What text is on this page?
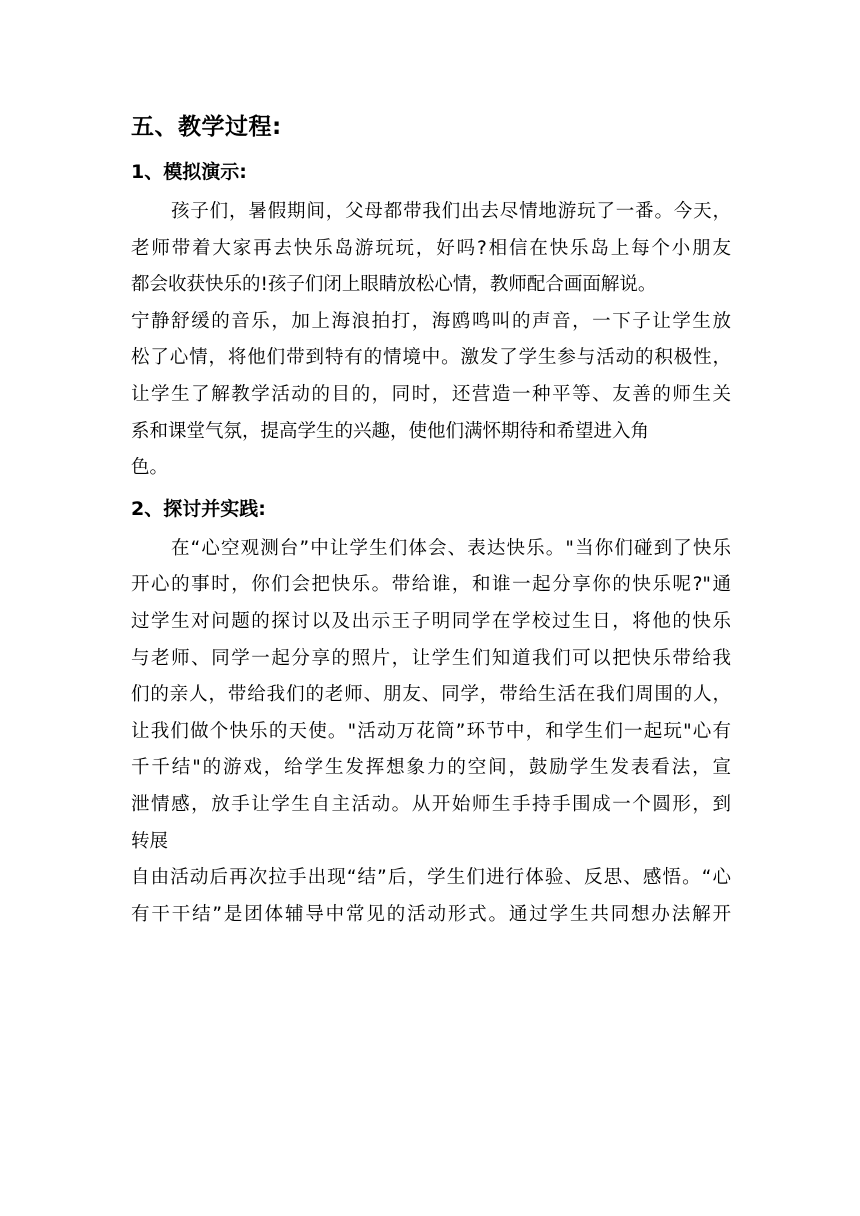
五、教学过程:
1、模拟演示:
孩子们，暑假期间，父母都带我们出去尽情地游玩了一番。今天，
老师带着大家再去快乐岛游玩玩，好吗?相信在快乐岛上每个小朋友
都会收获快乐的!孩子们闭上眼睛放松心情，教师配合画面解说。
宁静舒缓的音乐，加上海浪拍打，海鸥鸣叫的声音，一下子让学生放
松了心情，将他们带到特有的情境中。激发了学生参与活动的积极性，
让学生了解教学活动的目的，同时，还营造一种平等、友善的师生关
系和课堂气氛，提高学生的兴趣，使他们满怀期待和希望进入角
色。
2、探讨并实践:
在“心空观测台”中让学生们体会、表达快乐。"当你们碰到了快乐
开心的事时，你们会把快乐。带给谁，和谁一起分享你的快乐呢?"通
过学生对问题的探讨以及出示王子明同学在学校过生日，将他的快乐
与老师、同学一起分享的照片，让学生们知道我们可以把快乐带给我
们的亲人，带给我们的老师、朋友、同学，带给生活在我们周围的人，
让我们做个快乐的天使。"活动万花筒”环节中，和学生们一起玩"心有
千千结"的游戏，给学生发挥想象力的空间，鼓励学生发表看法，宣
泄情感，放手让学生自主活动。从开始师生手持手围成一个圆形，到
转展
自由活动后再次拉手出现“结”后，学生们进行体验、反思、感悟。“心
有干干结”是团体辅导中常见的活动形式。通过学生共同想办法解开
